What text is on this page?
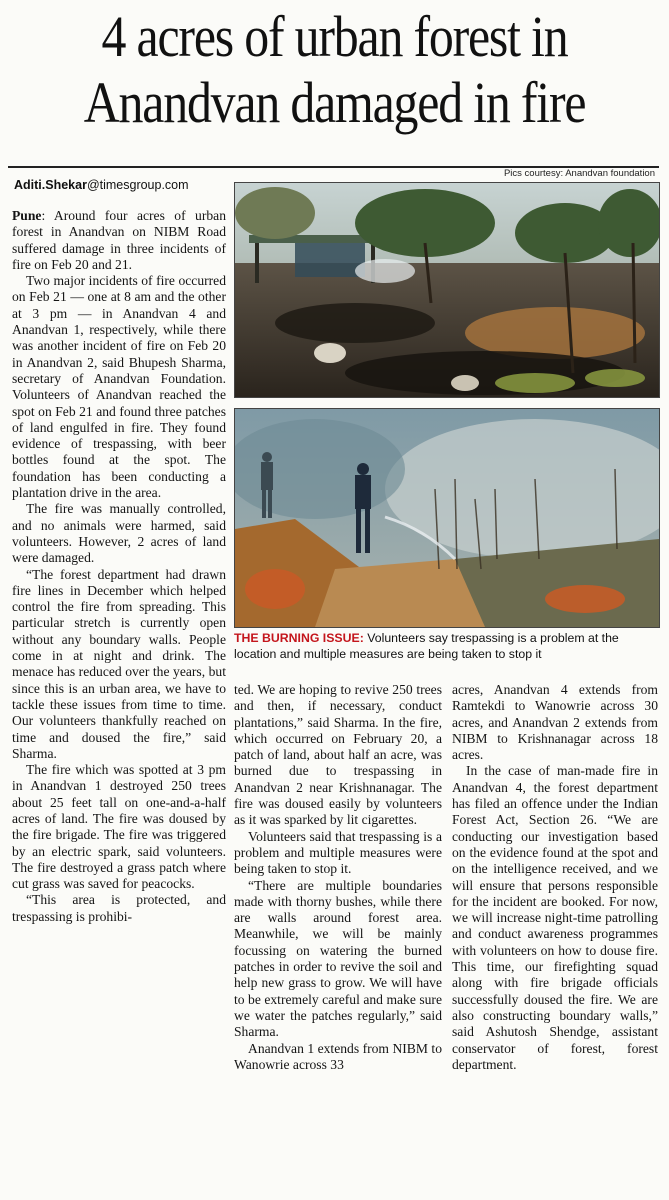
4 acres of urban forest in
Anandvan damaged in fire
Aditi.Shekar@timesgroup.com
Pics courtesy: Anandvan foundation

Pune: Around four acres of urban forest in Anandvan on NIBM Road suffered damage in three incidents of fire on Feb 20 and 21.

Two major incidents of fire occurred on Feb 21 — one at 8 am and the other at 3 pm — in Anandvan 4 and Anandvan 1, respectively, while there was another incident of fire on Feb 20 in Anandvan 2, said Bhupesh Sharma, secretary of Anandvan Foundation. Volunteers of Anandvan reached the spot on Feb 21 and found three patches of land engulfed in fire. They found evidence of trespassing, with beer bottles found at the spot. The foundation has been conducting a plantation drive in the area.

The fire was manually controlled, and no animals were harmed, said volunteers. However, 2 acres of land were damaged.

“The forest department had drawn fire lines in December which helped control the fire from spreading. This particular stretch is currently open without any boundary walls. People come in at night and drink. The menace has reduced over the years, but since this is an urban area, we have to tackle these issues from time to time. Our volunteers thankfully reached on time and doused the fire,” said Sharma.

The fire which was spotted at 3 pm in Anandvan 1 destroyed 250 trees about 25 feet tall on one-and-a-half acres of land. The fire was doused by the fire brigade. The fire was triggered by an electric spark, said volunteers. The fire destroyed a grass patch where cut grass was saved for peacocks.

“This area is protected, and trespassing is prohibi-

THE BURNING ISSUE: Volunteers say trespassing is a problem at the location and multiple measures are being taken to stop it

ted. We are hoping to revive 250 trees and then, if necessary, conduct plantations,” said Sharma. In the fire, which occurred on February 20, a patch of land, about half an acre, was burned due to trespassing in Anandvan 2 near Krishnanagar. The fire was doused easily by volunteers as it was sparked by lit cigarettes.

Volunteers said that trespassing is a problem and multiple measures were being taken to stop it.

“There are multiple boundaries made with thorny bushes, while there are walls around forest area. Meanwhile, we will be mainly focussing on watering the burned patches in order to revive the soil and help new grass to grow. We will have to be extremely careful and make sure we water the patches regularly,” said Sharma.

Anandvan 1 extends from NIBM to Wanowrie across 33

acres, Anandvan 4 extends from Ramtekdi to Wanowrie across 30 acres, and Anandvan 2 extends from NIBM to Krishnanagar across 18 acres.

In the case of man-made fire in Anandvan 4, the forest department has filed an offence under the Indian Forest Act, Section 26. “We are conducting our investigation based on the evidence found at the spot and on the intelligence received, and we will ensure that persons responsible for the incident are booked. For now, we will increase night-time patrolling and conduct awareness programmes with volunteers on how to douse fire. This time, our firefighting squad along with fire brigade officials successfully doused the fire. We are also constructing boundary walls,” said Ashutosh Shendge, assistant conservator of forest, forest department.
